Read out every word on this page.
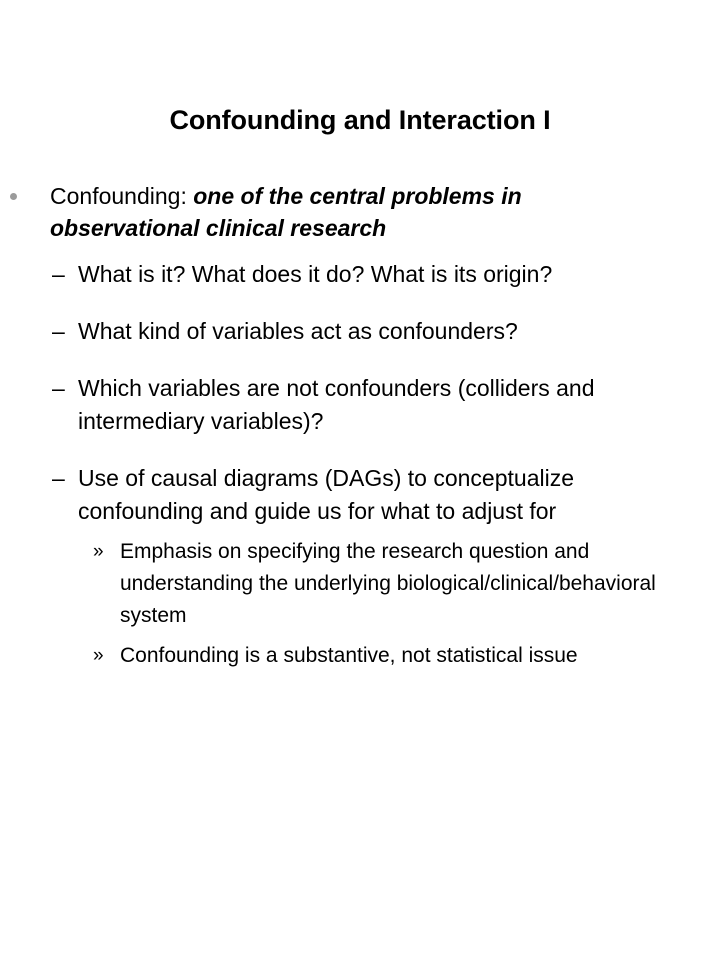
Confounding and Interaction I
Confounding: one of the central problems in observational clinical research
– What is it? What does it do? What is its origin?
– What kind of variables act as confounders?
– Which variables are not confounders (colliders and intermediary variables)?
– Use of causal diagrams (DAGs) to conceptualize confounding and guide us for what to adjust for
» Emphasis on specifying the research question and understanding the underlying biological/clinical/behavioral system
» Confounding is a substantive, not statistical issue
